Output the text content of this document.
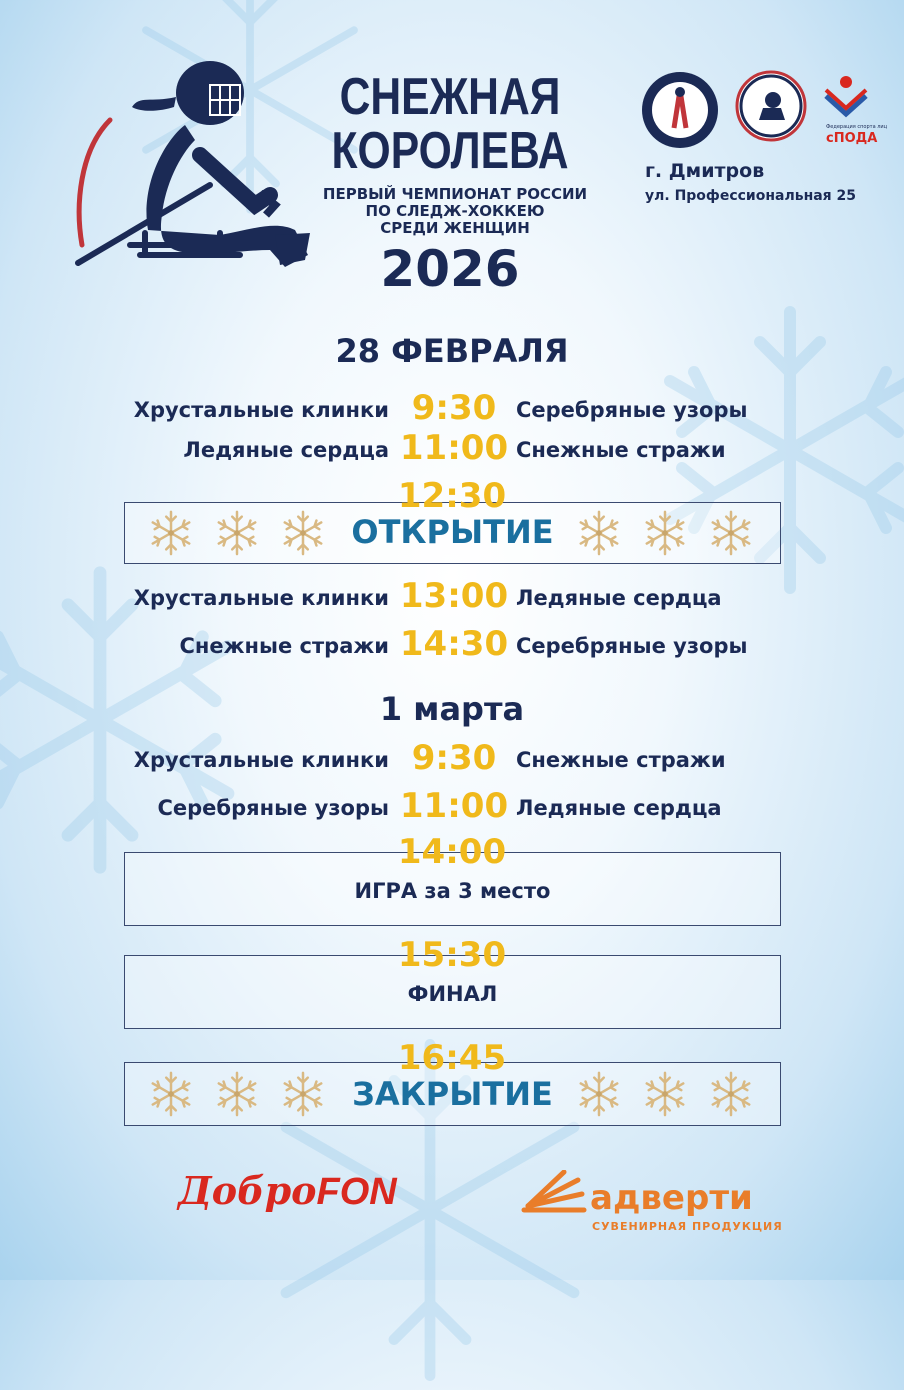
СНЕЖНАЯ
КОРОЛЕВА
ПЕРВЫЙ ЧЕМПИОНАТ РОССИИ
ПО СЛЕДЖ-ХОККЕЮ
СРЕДИ ЖЕНЩИН
2026
Федерация спорта лиц
сПОДА
г. Дмитров
ул. Профессиональная 25
28 ФЕВРАЛЯ
Хрустальные клинки 9:30 Серебряные узоры
Ледяные сердца 11:00 Снежные стражи
ОТКРЫТИЕ
12:30
Хрустальные клинки 13:00 Ледяные сердца
Снежные стражи 14:30 Серебряные узоры
1 марта
Хрустальные клинки 9:30 Снежные стражи
Серебряные узоры 11:00 Ледяные сердца
ИГРА за 3 место
14:00
ФИНАЛ
15:30
ЗАКРЫТИЕ
16:45
ДоброFON	адверти
СУВЕНИРНАЯ ПРОДУКЦИЯ
